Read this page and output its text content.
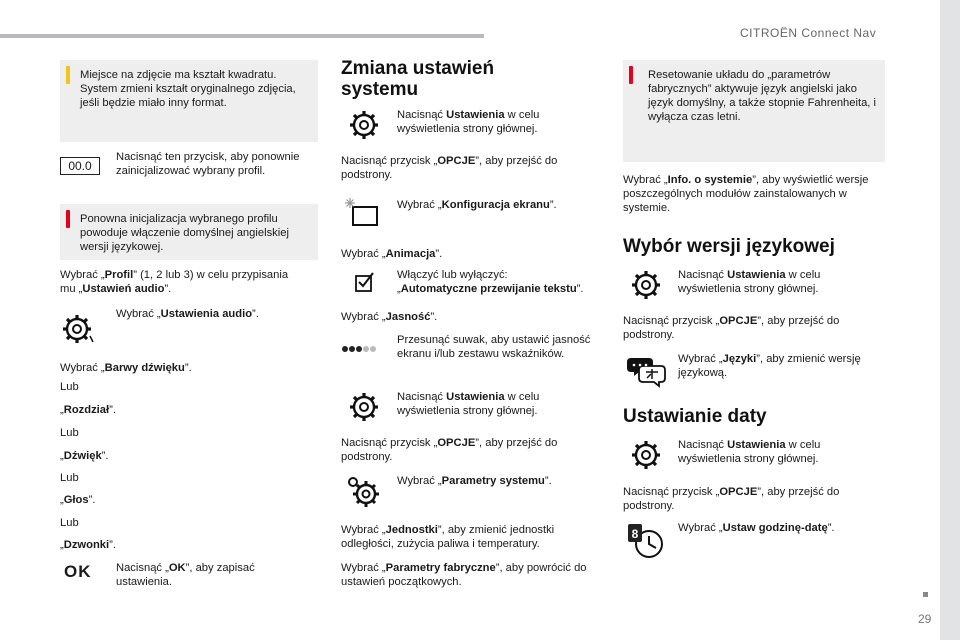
CITROËN Connect Nav
29
Miejsce na zdjęcie ma kształt kwadratu. System zmieni kształt oryginalnego zdjęcia, jeśli będzie miało inny format.
00.0
Nacisnąć ten przycisk, aby ponownie zainicjalizować wybrany profil.
Ponowna inicjalizacja wybranego profilu powoduje włączenie domyślnej angielskiej wersji językowej.
Wybrać „Profil” (1, 2 lub 3) w celu przypisania
mu „Ustawień audio”.
Wybrać „Ustawienia audio”.
Wybrać „Barwy dźwięku”.
Lub
„Rozdział”.
Lub
„Dźwięk”.
Lub
„Głos”.
Lub
„Dzwonki”.
OK Nacisnąć „OK”, aby zapisać ustawienia.
Zmiana ustawień
systemu
Nacisnąć Ustawienia w celu wyświetlenia strony głównej.
Nacisnąć przycisk „OPCJE”, aby przejść do podstrony.
Wybrać „Konfiguracja ekranu”.
Wybrać „Animacja”.
Włączyć lub wyłączyć:
„Automatyczne przewijanie tekstu”.
Wybrać „Jasność”.
Przesunąć suwak, aby ustawić jasność ekranu i/lub zestawu wskaźników.
Nacisnąć Ustawienia w celu wyświetlenia strony głównej.
Nacisnąć przycisk „OPCJE”, aby przejść do podstrony.
Wybrać „Parametry systemu”.
Wybrać „Jednostki”, aby zmienić jednostki odległości, zużycia paliwa i temperatury.
Wybrać „Parametry fabryczne”, aby powrócić do ustawień początkowych.
Resetowanie układu do „parametrów fabrycznych” aktywuje język angielski jako język domyślny, a także stopnie Fahrenheita, i wyłącza czas letni.
Wybrać „Info. o systemie”, aby wyświetlić wersje poszczególnych modułów zainstalowanych w systemie.
Wybór wersji językowej
Nacisnąć Ustawienia w celu wyświetlenia strony głównej.
Nacisnąć przycisk „OPCJE”, aby przejść do podstrony.
Wybrać „Języki”, aby zmienić wersję językową.
Ustawianie daty
Nacisnąć Ustawienia w celu wyświetlenia strony głównej.
Nacisnąć przycisk „OPCJE”, aby przejść do podstrony.
8	Wybrać „Ustaw godzinę-datę”.
